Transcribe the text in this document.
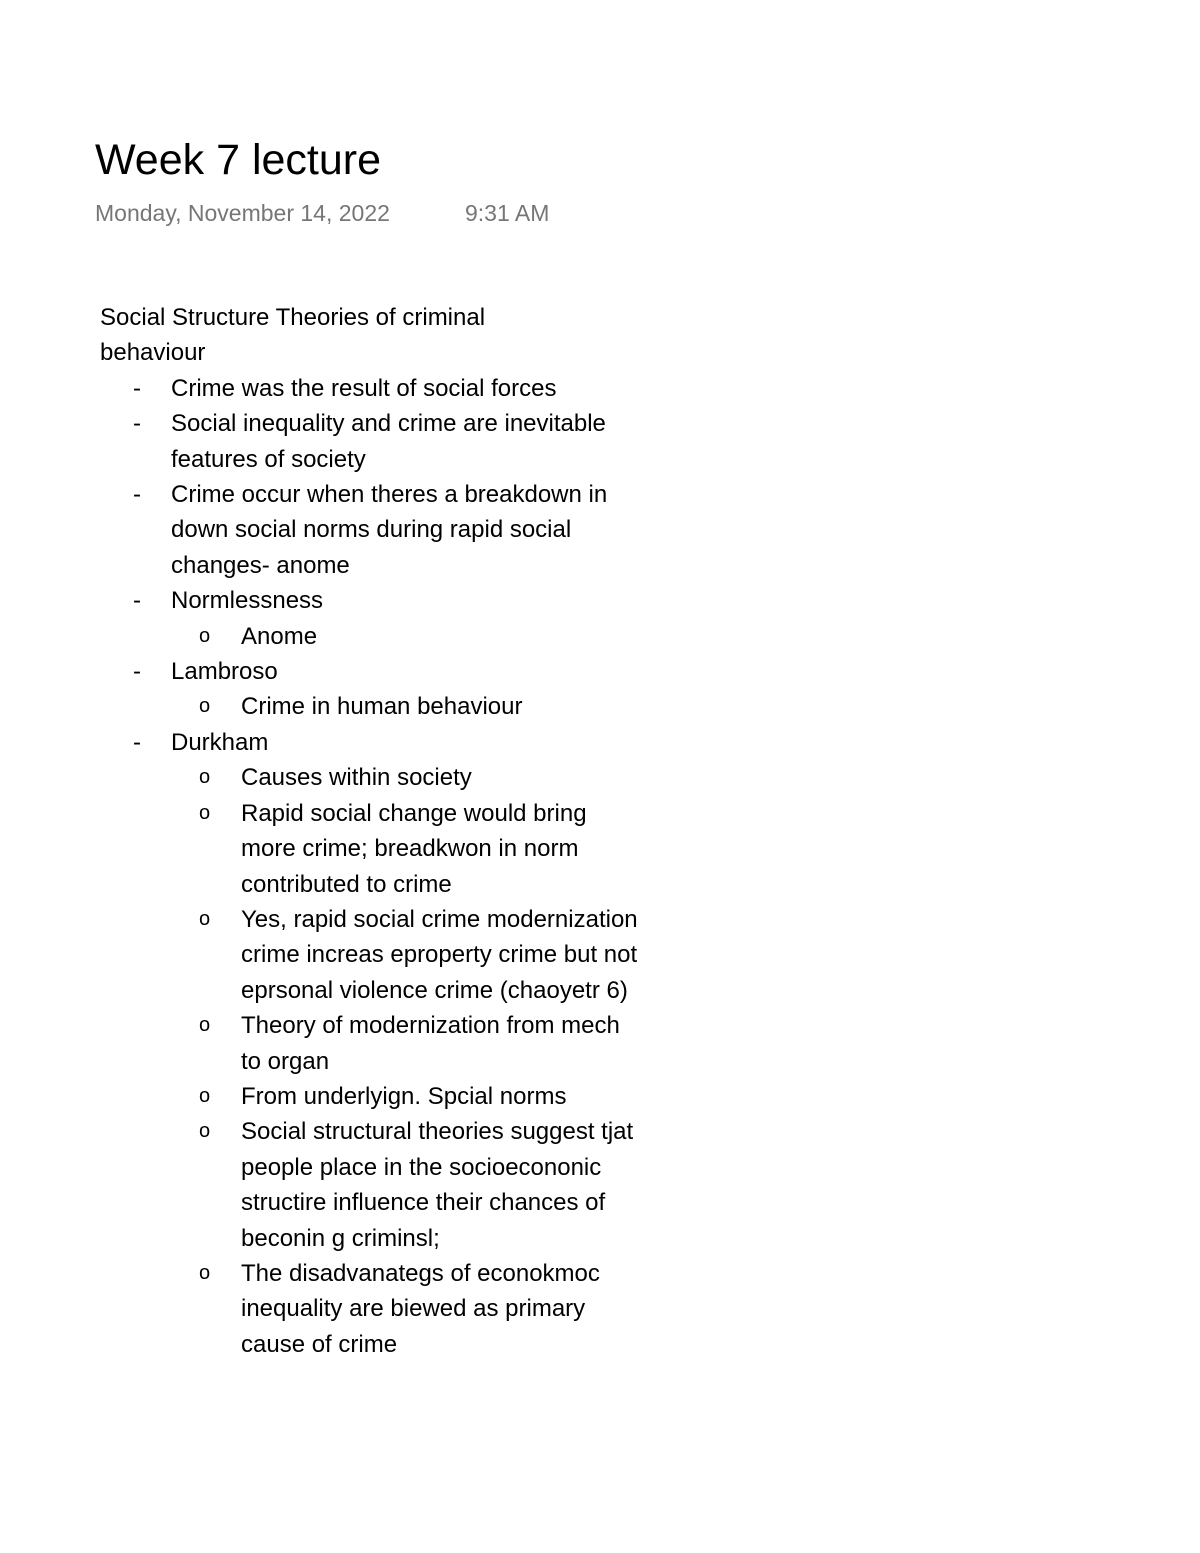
Week 7 lecture
Monday, November 14, 2022	9:31 AM

Social Structure Theories of criminal behaviour

- Crime was the result of social forces
- Social inequality and crime are inevitable features of society
- Crime occur when theres a breakdown in down social norms during rapid social changes- anome
- Normlessness
o Anome
- Lambroso
o Crime in human behaviour
- Durkham
o Causes within society
o Rapid social change would bring more crime; breadkwon in norm contributed to crime
o Yes, rapid social crime modernization crime increas eproperty crime but not eprsonal violence crime (chaoyetr 6)
o Theory of modernization from mech to organ
o From underlyign. Spcial norms
o Social structural theories suggest tjat people place in the socioecononic structire influence their chances of beconin g criminsl;
o The disadvanategs of econokmoc inequality are biewed as primary cause of crime
